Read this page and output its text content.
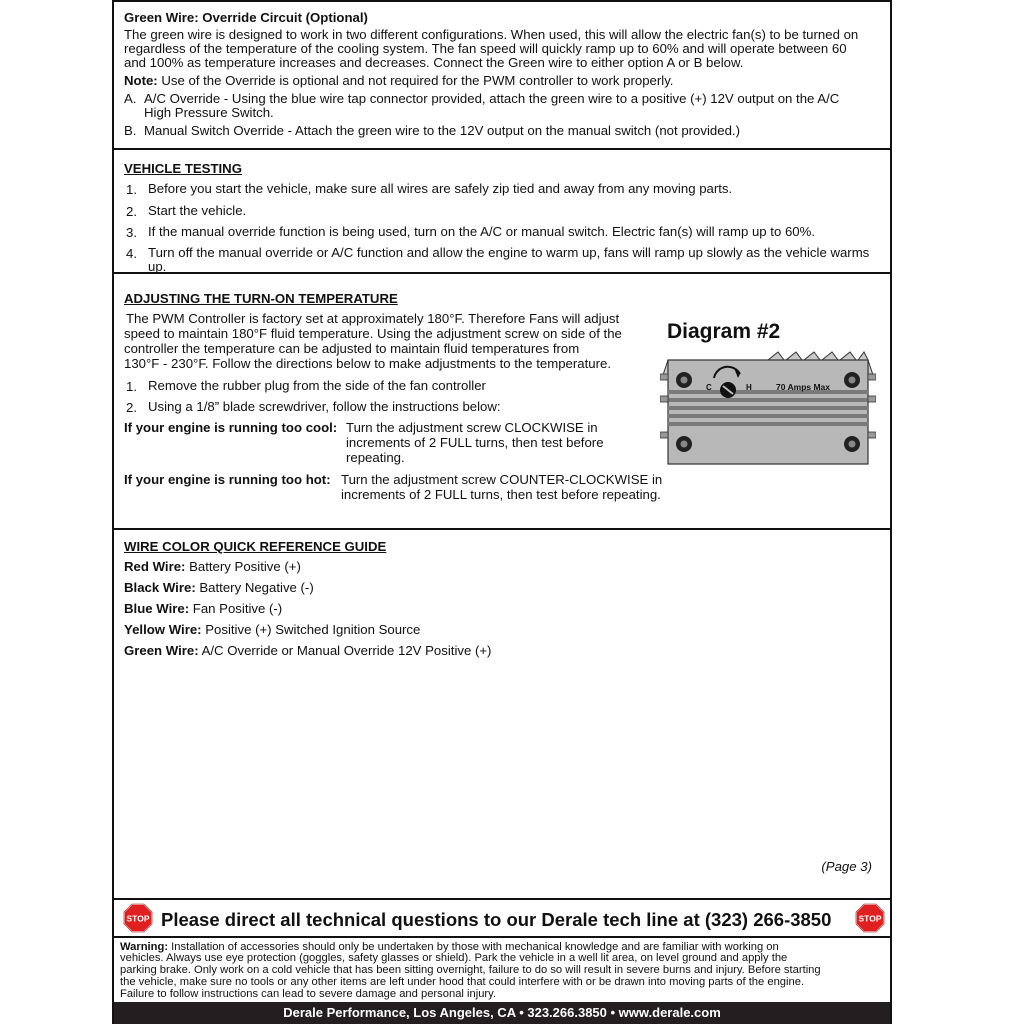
Green Wire: Override Circuit (Optional)
The green wire is designed to work in two different configurations. When used, this will allow the electric fan(s) to be turned on
regardless of the temperature of the cooling system. The fan speed will quickly ramp up to 60% and will operate between 60
and 100% as temperature increases and decreases. Connect the Green wire to either option A or B below.
Note: Use of the Override is optional and not required for the PWM controller to work properly.
A. A/C Override - Using the blue wire tap connector provided, attach the green wire to a positive (+) 12V output on the A/C
High Pressure Switch.
B. Manual Switch Override - Attach the green wire to the 12V output on the manual switch (not provided.)
VEHICLE TESTING
1. Before you start the vehicle, make sure all wires are safely zip tied and away from any moving parts.
2. Start the vehicle.
3. If the manual override function is being used, turn on the A/C or manual switch. Electric fan(s) will ramp up to 60%.
4. Turn off the manual override or A/C function and allow the engine to warm up, fans will ramp up slowly as the vehicle warms up.
ADJUSTING THE TURN-ON TEMPERATURE
The PWM Controller is factory set at approximately 180°F. Therefore Fans will adjust
speed to maintain 180°F fluid temperature. Using the adjustment screw on side of the
controller the temperature can be adjusted to maintain fluid temperatures from
130°F - 230°F. Follow the directions below to make adjustments to the temperature.
1. Remove the rubber plug from the side of the fan controller
2. Using a 1/8” blade screwdriver, follow the instructions below:
If your engine is running too cool: Turn the adjustment screw CLOCKWISE in
increments of 2 FULL turns, then test before
repeating.
If your engine is running too hot: Turn the adjustment screw COUNTER-CLOCKWISE in
increments of 2 FULL turns, then test before repeating.
Diagram #2
C	H	70 Amps Max
WIRE COLOR QUICK REFERENCE GUIDE
Red Wire: Battery Positive (+)
Black Wire: Battery Negative (-)
Blue Wire: Fan Positive (-)
Yellow Wire: Positive (+) Switched Ignition Source
Green Wire: A/C Override or Manual Override 12V Positive (+)
(Page 3)
STOP Please direct all technical questions to our Derale tech line at (323) 266-3850	STOP
Warning: Installation of accessories should only be undertaken by those with mechanical knowledge and are familiar with working on
vehicles. Always use eye protection (goggles, safety glasses or shield). Park the vehicle in a well lit area, on level ground and apply the
parking brake. Only work on a cold vehicle that has been sitting overnight, failure to do so will result in severe burns and injury. Before starting
the vehicle, make sure no tools or any other items are left under hood that could interfere with or be drawn into moving parts of the engine.
Failure to follow instructions can lead to severe damage and personal injury.
Derale Performance, Los Angeles, CA • 323.266.3850 • www.derale.com
